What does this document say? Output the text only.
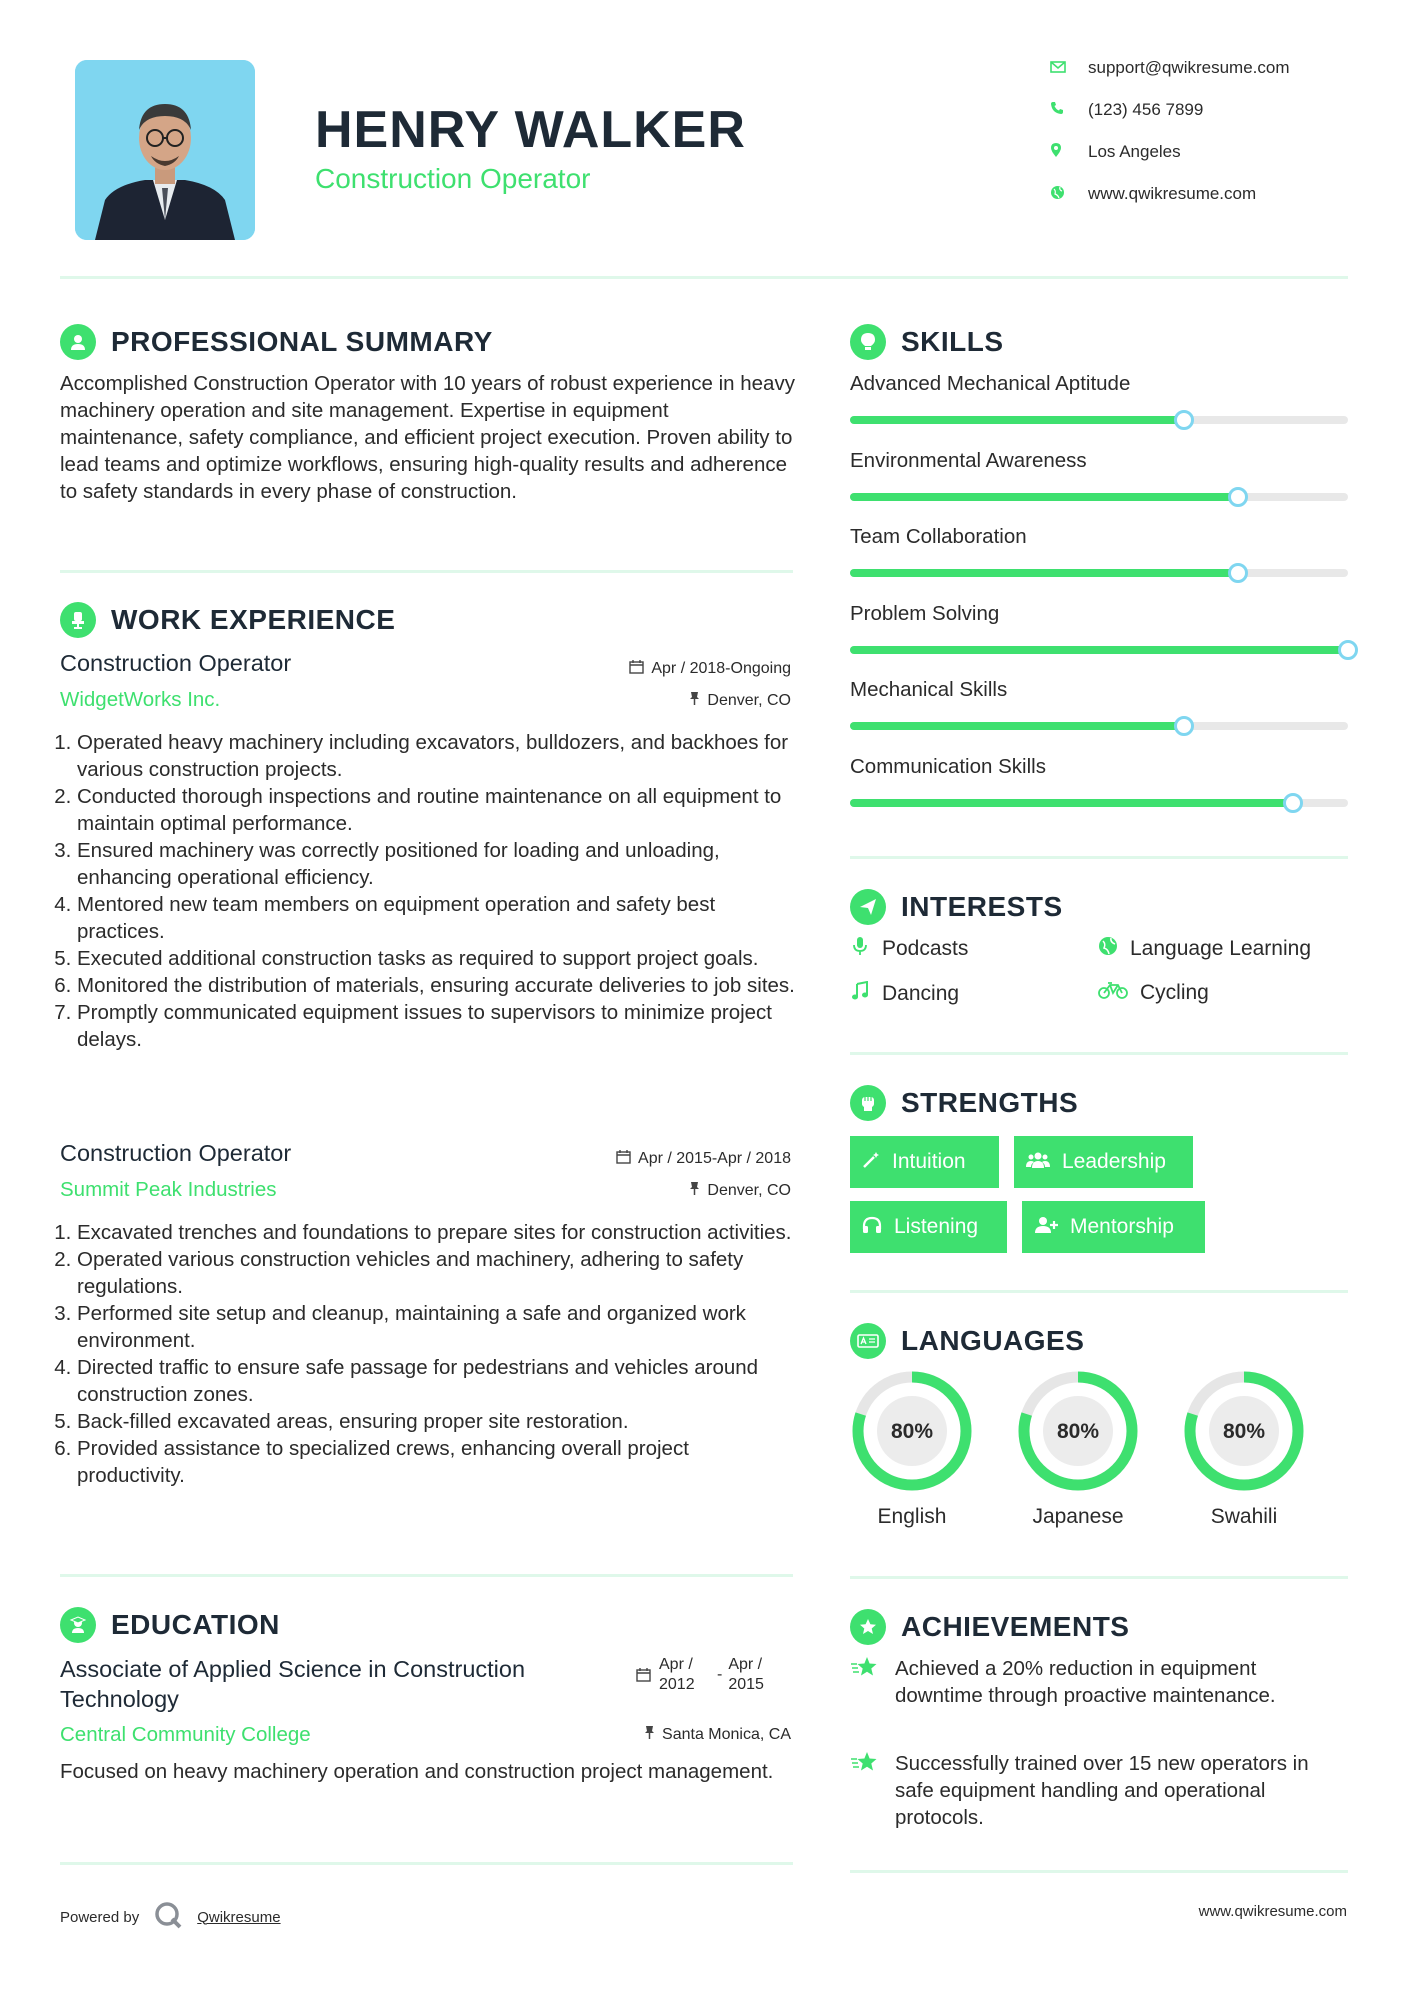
HENRY WALKER
Construction Operator
support@qwikresume.com
(123) 456 7899
Los Angeles
www.qwikresume.com
PROFESSIONAL SUMMARY
Accomplished Construction Operator with 10 years of robust experience in heavy machinery operation and site management. Expertise in equipment maintenance, safety compliance, and efficient project execution. Proven ability to lead teams and optimize workflows, ensuring high-quality results and adherence to safety standards in every phase of construction.
WORK EXPERIENCE
Construction Operator
WidgetWorks Inc.
Apr / 2018-Ongoing
Denver, CO
1. Operated heavy machinery including excavators, bulldozers, and backhoes for various construction projects.
2. Conducted thorough inspections and routine maintenance on all equipment to maintain optimal performance.
3. Ensured machinery was correctly positioned for loading and unloading, enhancing operational efficiency.
4. Mentored new team members on equipment operation and safety best practices.
5. Executed additional construction tasks as required to support project goals.
6. Monitored the distribution of materials, ensuring accurate deliveries to job sites.
7. Promptly communicated equipment issues to supervisors to minimize project delays.
Construction Operator
Summit Peak Industries
Apr / 2015-Apr / 2018
Denver, CO
1. Excavated trenches and foundations to prepare sites for construction activities.
2. Operated various construction vehicles and machinery, adhering to safety regulations.
3. Performed site setup and cleanup, maintaining a safe and organized work environment.
4. Directed traffic to ensure safe passage for pedestrians and vehicles around construction zones.
5. Back-filled excavated areas, ensuring proper site restoration.
6. Provided assistance to specialized crews, enhancing overall project productivity.
EDUCATION
Associate of Applied Science in Construction Technology
Apr / 2012
-
Apr / 2015
Central Community College	Santa Monica, CA
Focused on heavy machinery operation and construction project management.
SKILLS
Advanced Mechanical Aptitude
Environmental Awareness
Team Collaboration
Problem Solving
Mechanical Skills
Communication Skills
INTERESTS
Podcasts	Language Learning
Dancing	Cycling
STRENGTHS
Intuition	Leadership
Listening	Mentorship
LANGUAGES
80%
English
80%
Japanese
80%
Swahili
ACHIEVEMENTS
Achieved a 20% reduction in equipment downtime through proactive maintenance.
Successfully trained over 15 new operators in safe equipment handling and operational protocols.
Powered by	Qwikresume	www.qwikresume.com
